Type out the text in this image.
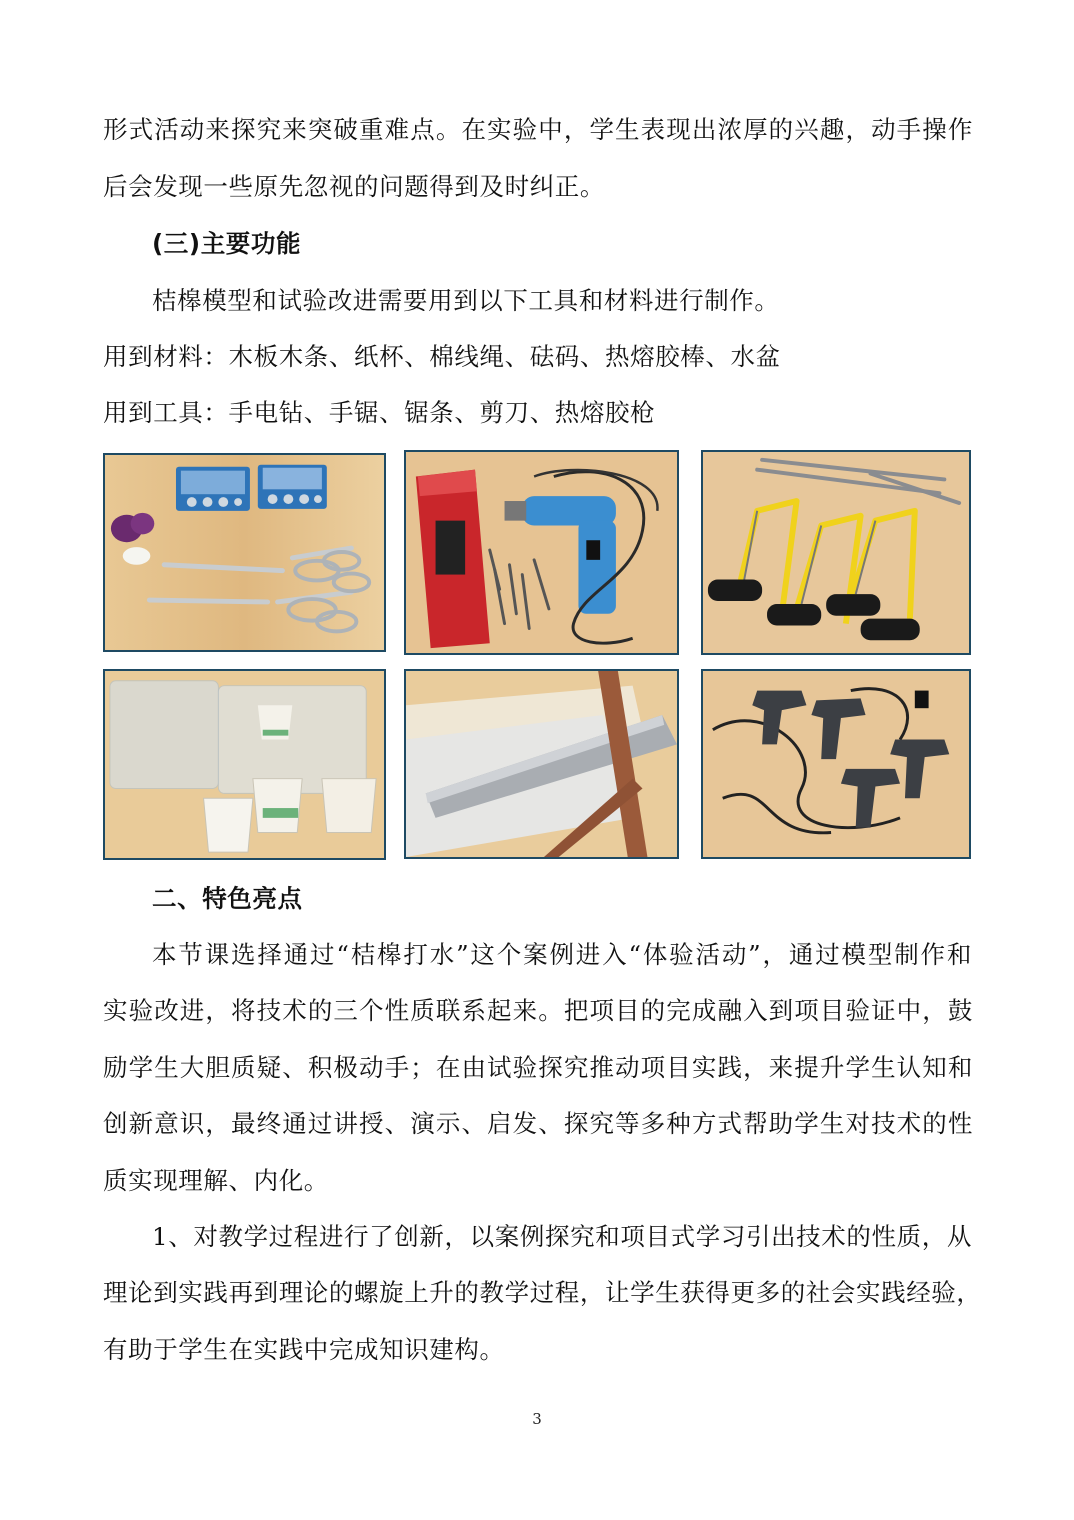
形式活动来探究来突破重难点。在实验中，学生表现出浓厚的兴趣，动手操作
后会发现一些原先忽视的问题得到及时纠正。
(三)主要功能
桔槔模型和试验改进需要用到以下工具和材料进行制作。
用到材料：木板木条、纸杯、棉线绳、砝码、热熔胶棒、水盆
用到工具：手电钻、手锯、锯条、剪刀、热熔胶枪
二、特色亮点
本节课选择通过“桔槔打水”这个案例进入“体验活动”，通过模型制作和
实验改进，将技术的三个性质联系起来。把项目的完成融入到项目验证中，鼓
励学生大胆质疑、积极动手；在由试验探究推动项目实践，来提升学生认知和
创新意识，最终通过讲授、演示、启发、探究等多种方式帮助学生对技术的性
质实现理解、内化。
1、对教学过程进行了创新，以案例探究和项目式学习引出技术的性质，从
理论到实践再到理论的螺旋上升的教学过程，让学生获得更多的社会实践经验，
有助于学生在实践中完成知识建构。
3
